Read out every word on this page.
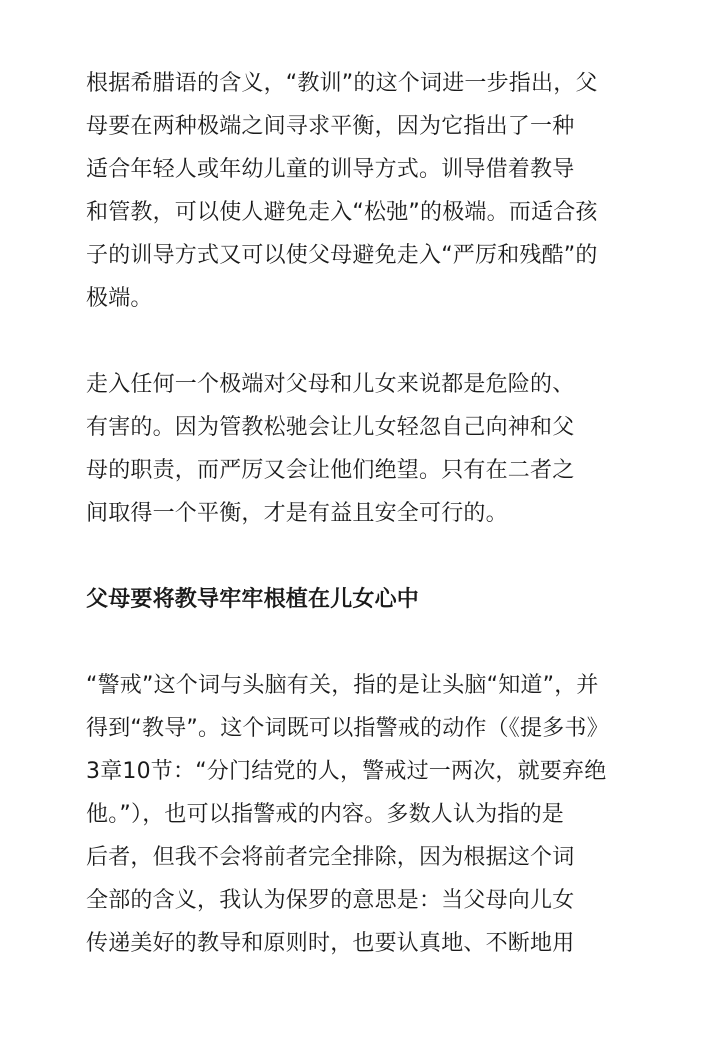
根据希腊语的含义，“教训”的这个词进一步指出，父
母要在两种极端之间寻求平衡，因为它指出了一种
适合年轻人或年幼儿童的训导方式。训导借着教导
和管教，可以使人避免走入“松弛”的极端。而适合孩
子的训导方式又可以使父母避免走入“严厉和残酷”的
极端。

走入任何一个极端对父母和儿女来说都是危险的、
有害的。因为管教松驰会让儿女轻忽自己向神和父
母的职责，而严厉又会让他们绝望。只有在二者之
间取得一个平衡，才是有益且安全可行的。

父母要将教导牢牢根植在儿女心中

“警戒”这个词与头脑有关，指的是让头脑“知道”，并
得到“教导”。这个词既可以指警戒的动作（《提多书》
3章10节：“分门结党的人，警戒过一两次，就要弃绝
他。”），也可以指警戒的内容。多数人认为指的是
后者，但我不会将前者完全排除，因为根据这个词
全部的含义，我认为保罗的意思是：当父母向儿女
传递美好的教导和原则时，也要认真地、不断地用
